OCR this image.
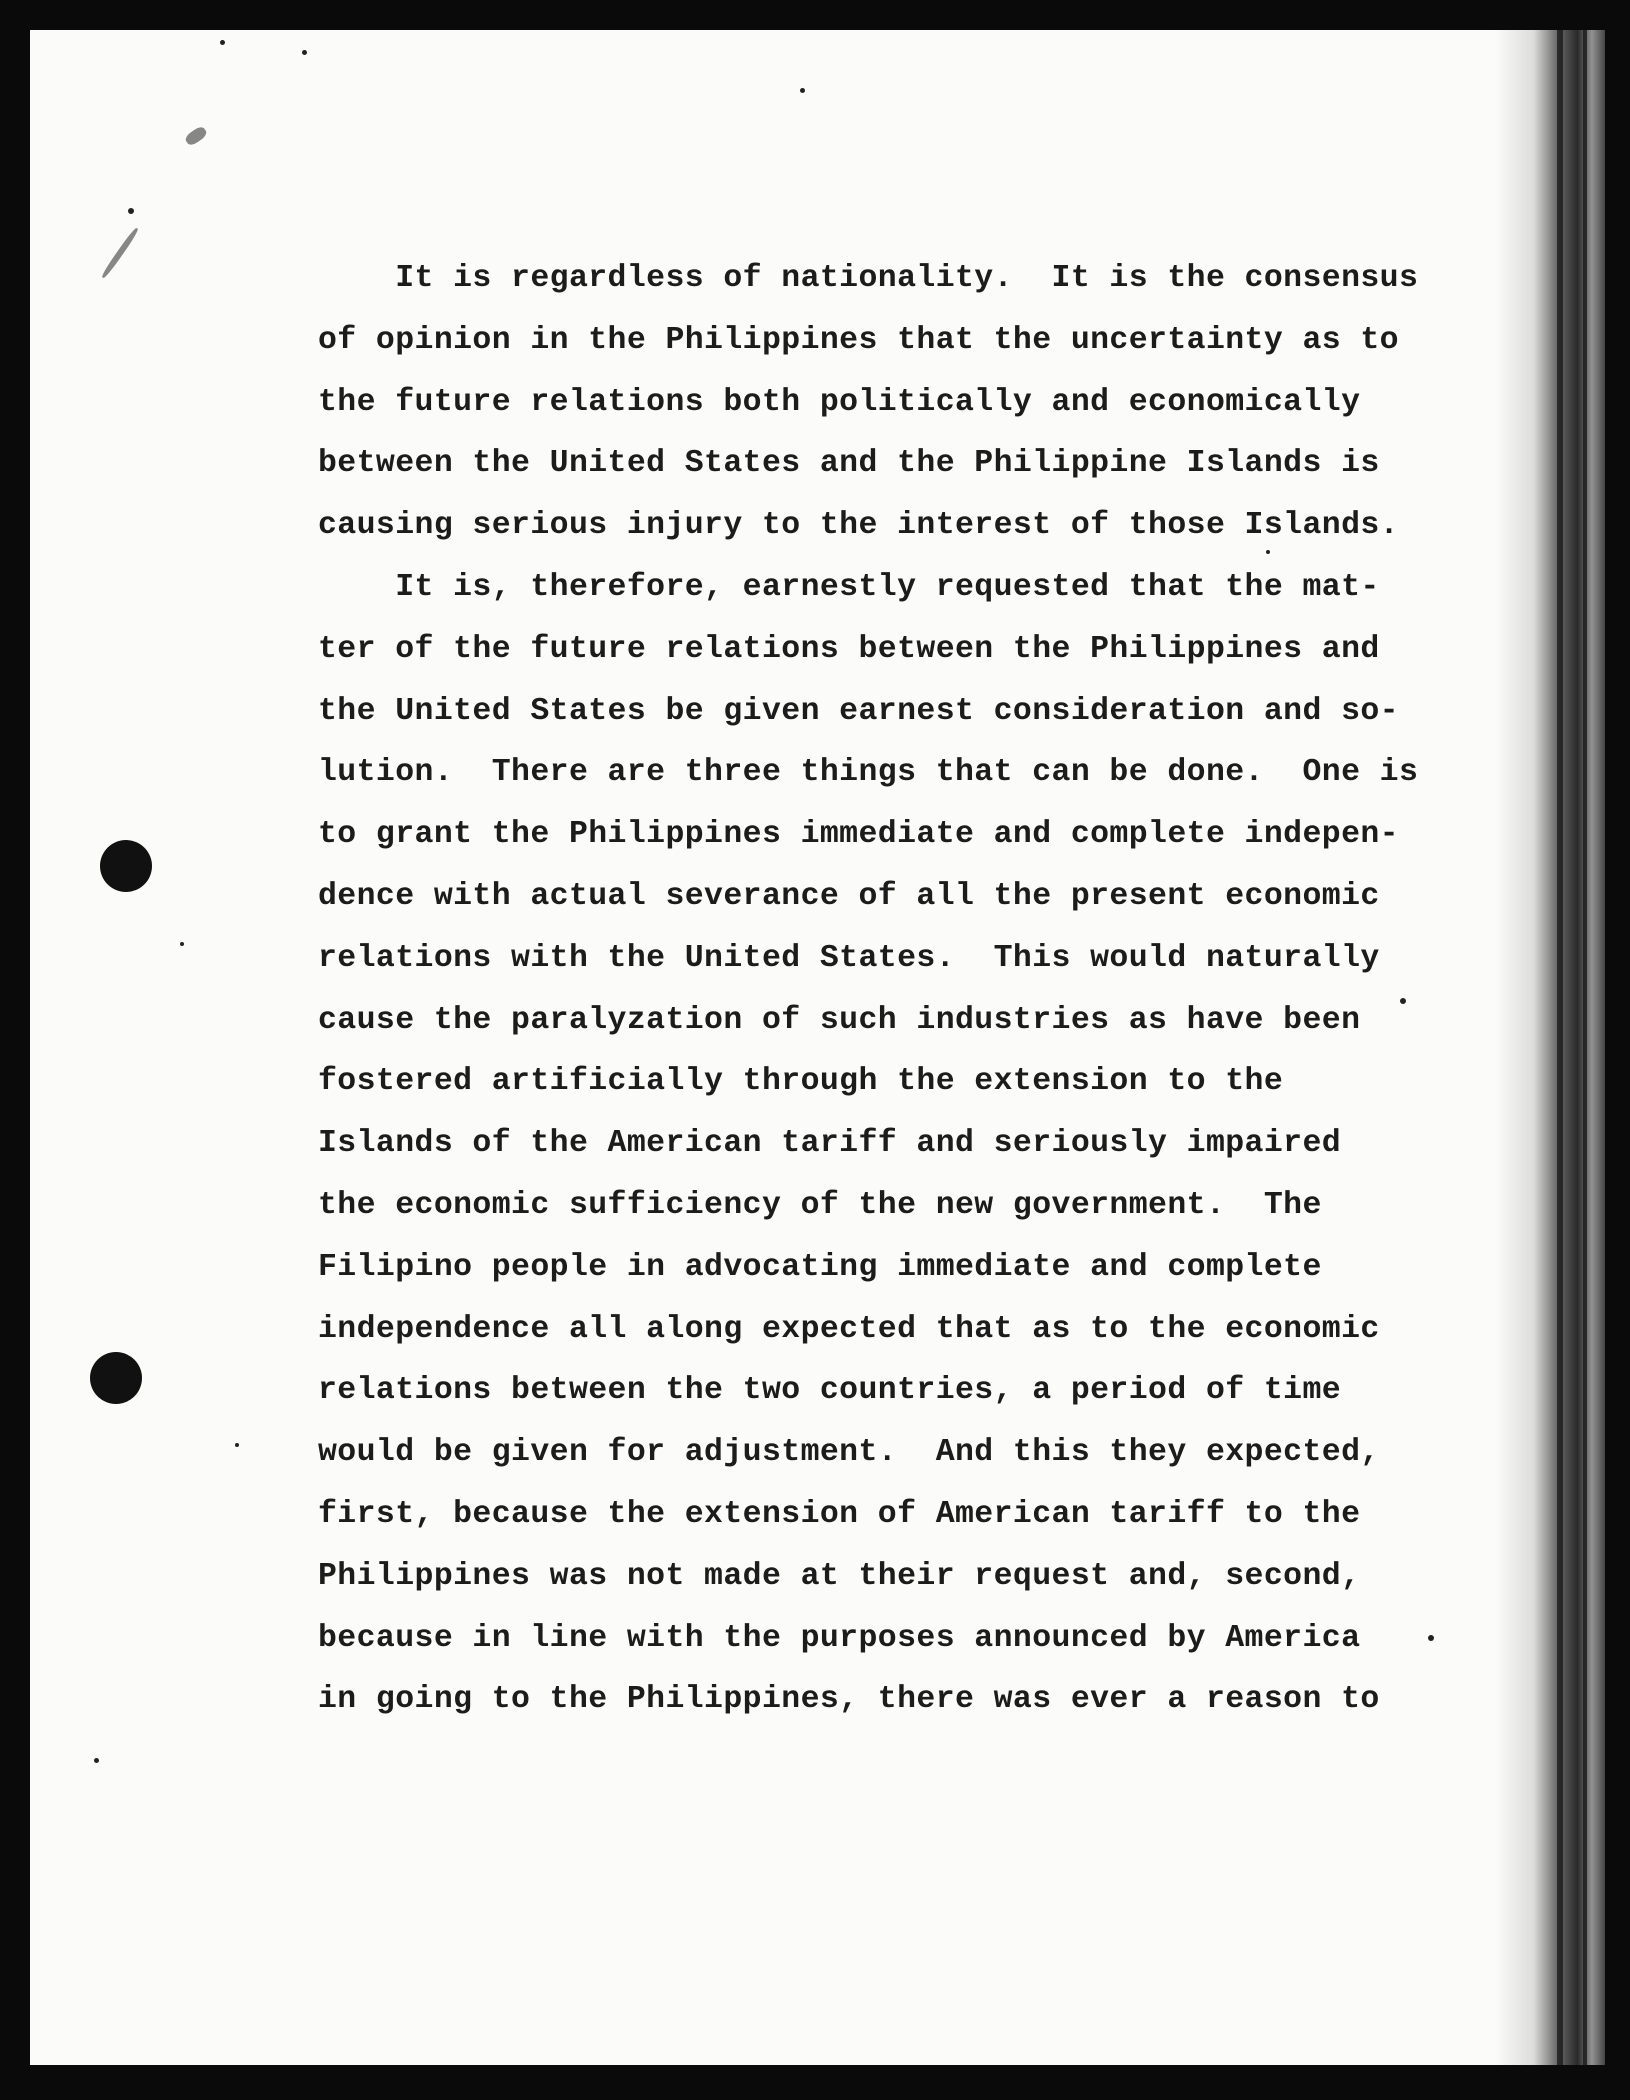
It is regardless of nationality.  It is the consensus
of opinion in the Philippines that the uncertainty as to
the future relations both politically and economically
between the United States and the Philippine Islands is
causing serious injury to the interest of those Islands.
It is, therefore, earnestly requested that the mat-
ter of the future relations between the Philippines and
the United States be given earnest consideration and so-
lution.  There are three things that can be done.  One is
to grant the Philippines immediate and complete indepen-
dence with actual severance of all the present economic
relations with the United States.  This would naturally
cause the paralyzation of such industries as have been
fostered artificially through the extension to the
Islands of the American tariff and seriously impaired
the economic sufficiency of the new government.  The
Filipino people in advocating immediate and complete
independence all along expected that as to the economic
relations between the two countries, a period of time
would be given for adjustment.  And this they expected,
first, because the extension of American tariff to the
Philippines was not made at their request and, second,
because in line with the purposes announced by America
in going to the Philippines, there was ever a reason to
